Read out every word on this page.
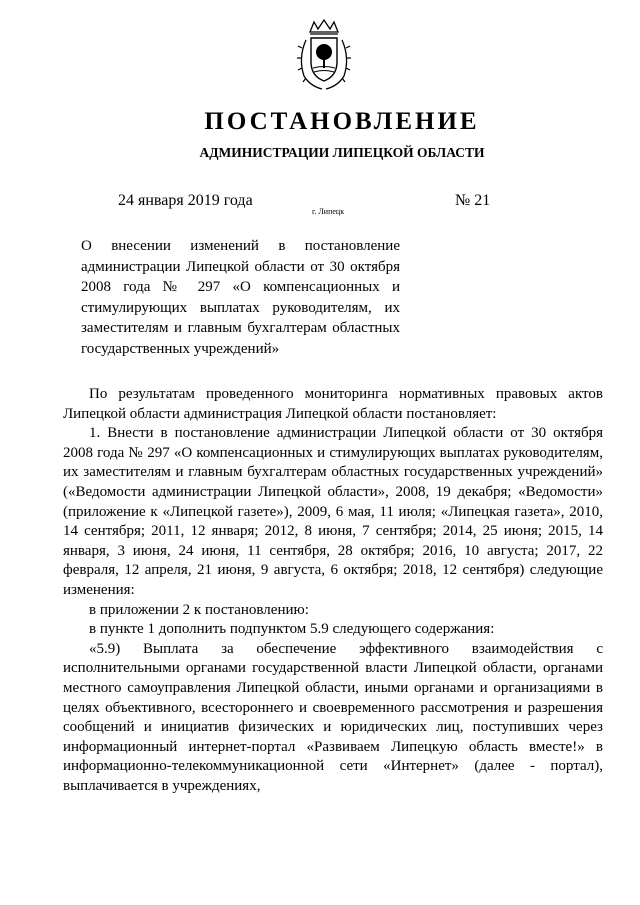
ПОСТАНОВЛЕНИЕ
АДМИНИСТРАЦИИ ЛИПЕЦКОЙ ОБЛАСТИ
24 января 2019 года
г. Липецк
№ 21
О внесении изменений в постановление администрации Липецкой области от 30 октября 2008 года № 297 «О компенсационных и стимулирующих выплатах руководителям, их заместителям и главным бухгалтерам областных государственных учреждений»

По результатам проведенного мониторинга нормативных правовых актов Липецкой области администрация Липецкой области постановляет:

1. Внести в постановление администрации Липецкой области от 30 октября 2008 года № 297 «О компенсационных и стимулирующих выплатах руководителям, их заместителям и главным бухгалтерам областных государственных учреждений» («Ведомости администрации Липецкой области», 2008, 19 декабря; «Ведомости» (приложение к «Липецкой газете»), 2009, 6 мая, 11 июля; «Липецкая газета», 2010, 14 сентября; 2011, 12 января; 2012, 8 июня, 7 сентября; 2014, 25 июня; 2015, 14 января, 3 июня, 24 июня, 11 сентября, 28 октября; 2016, 10 августа; 2017, 22 февраля, 12 апреля, 21 июня, 9 августа, 6 октября; 2018, 12 сентября) следующие изменения:

в приложении 2 к постановлению:

в пункте 1 дополнить подпунктом 5.9 следующего содержания:

«5.9) Выплата за обеспечение эффективного взаимодействия с исполнительными органами государственной власти Липецкой области, органами местного самоуправления Липецкой области, иными органами и организациями в целях объективного, всестороннего и своевременного рассмотрения и разрешения сообщений и инициатив физических и юридических лиц, поступивших через информационный интернет-портал «Развиваем Липецкую область вместе!» в информационно-телекоммуникационной сети «Интернет» (далее - портал), выплачивается в учреждениях,
